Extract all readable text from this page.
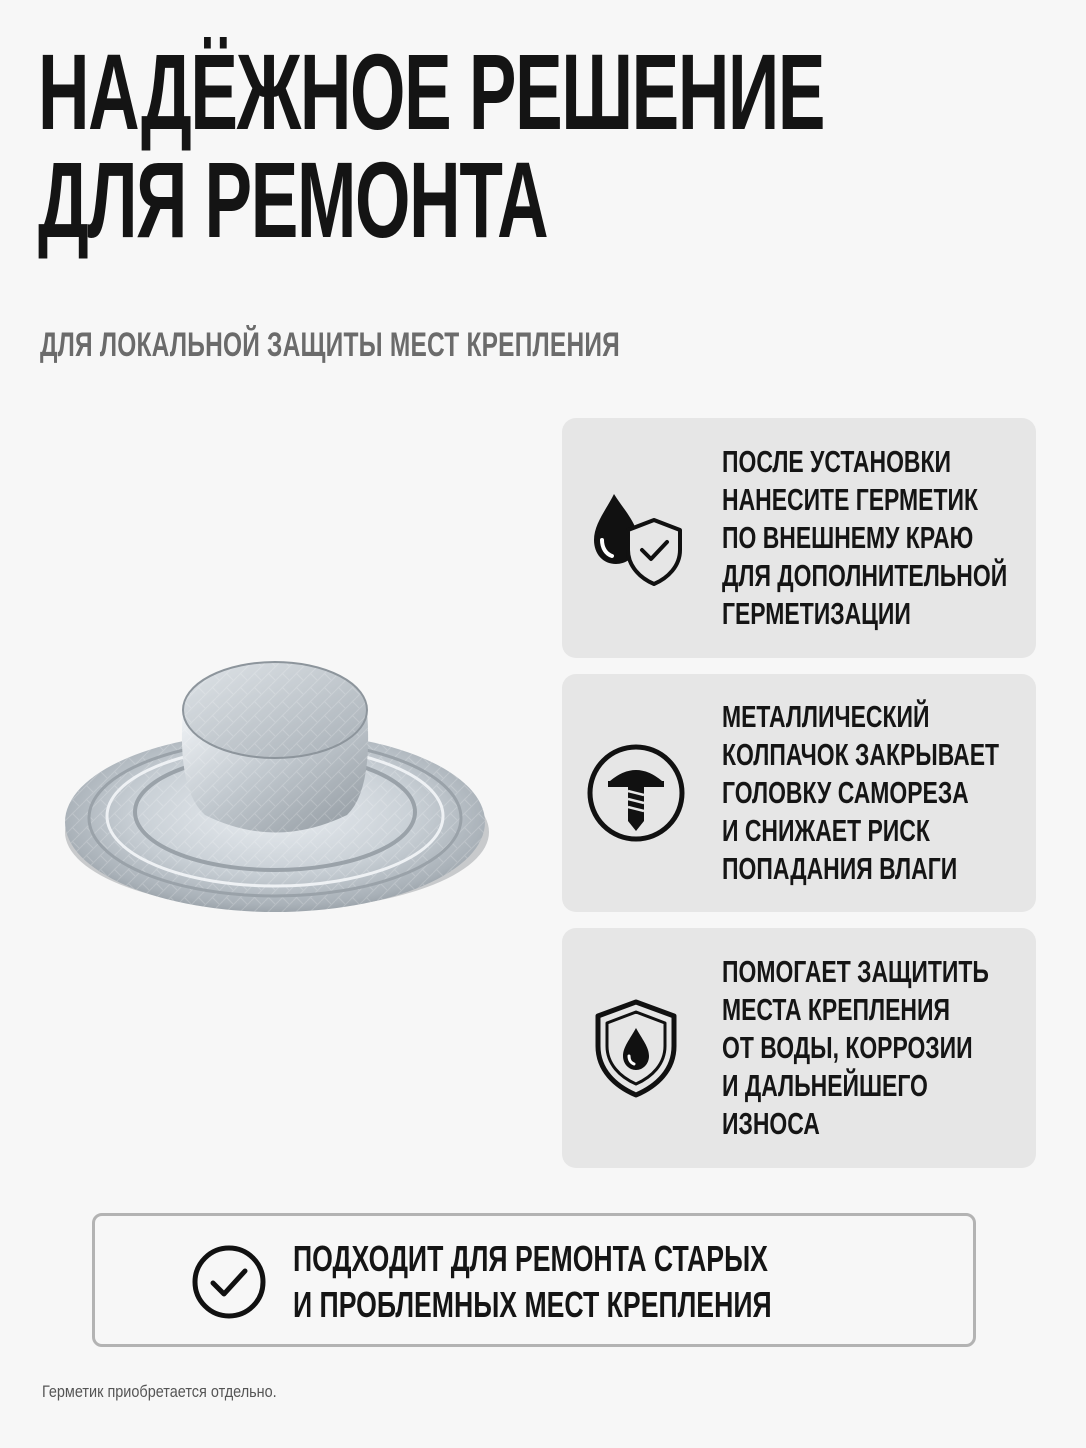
НАДЁЖНОЕ РЕШЕНИЕ
ДЛЯ РЕМОНТА
ДЛЯ ЛОКАЛЬНОЙ ЗАЩИТЫ МЕСТ КРЕПЛЕНИЯ
ПОСЛЕ УСТАНОВКИ
НАНЕСИТЕ ГЕРМЕТИК
ПО ВНЕШНЕМУ КРАЮ
ДЛЯ ДОПОЛНИТЕЛЬНОЙ
ГЕРМЕТИЗАЦИИ
МЕТАЛЛИЧЕСКИЙ
КОЛПАЧОК ЗАКРЫВАЕТ
ГОЛОВКУ САМОРЕЗА
И СНИЖАЕТ РИСК
ПОПАДАНИЯ ВЛАГИ
ПОМОГАЕТ ЗАЩИТИТЬ
МЕСТА КРЕПЛЕНИЯ
ОТ ВОДЫ, КОРРОЗИИ
И ДАЛЬНЕЙШЕГО
ИЗНОСА
ПОДХОДИТ ДЛЯ РЕМОНТА СТАРЫХ
И ПРОБЛЕМНЫХ МЕСТ КРЕПЛЕНИЯ
Герметик приобретается отдельно.
